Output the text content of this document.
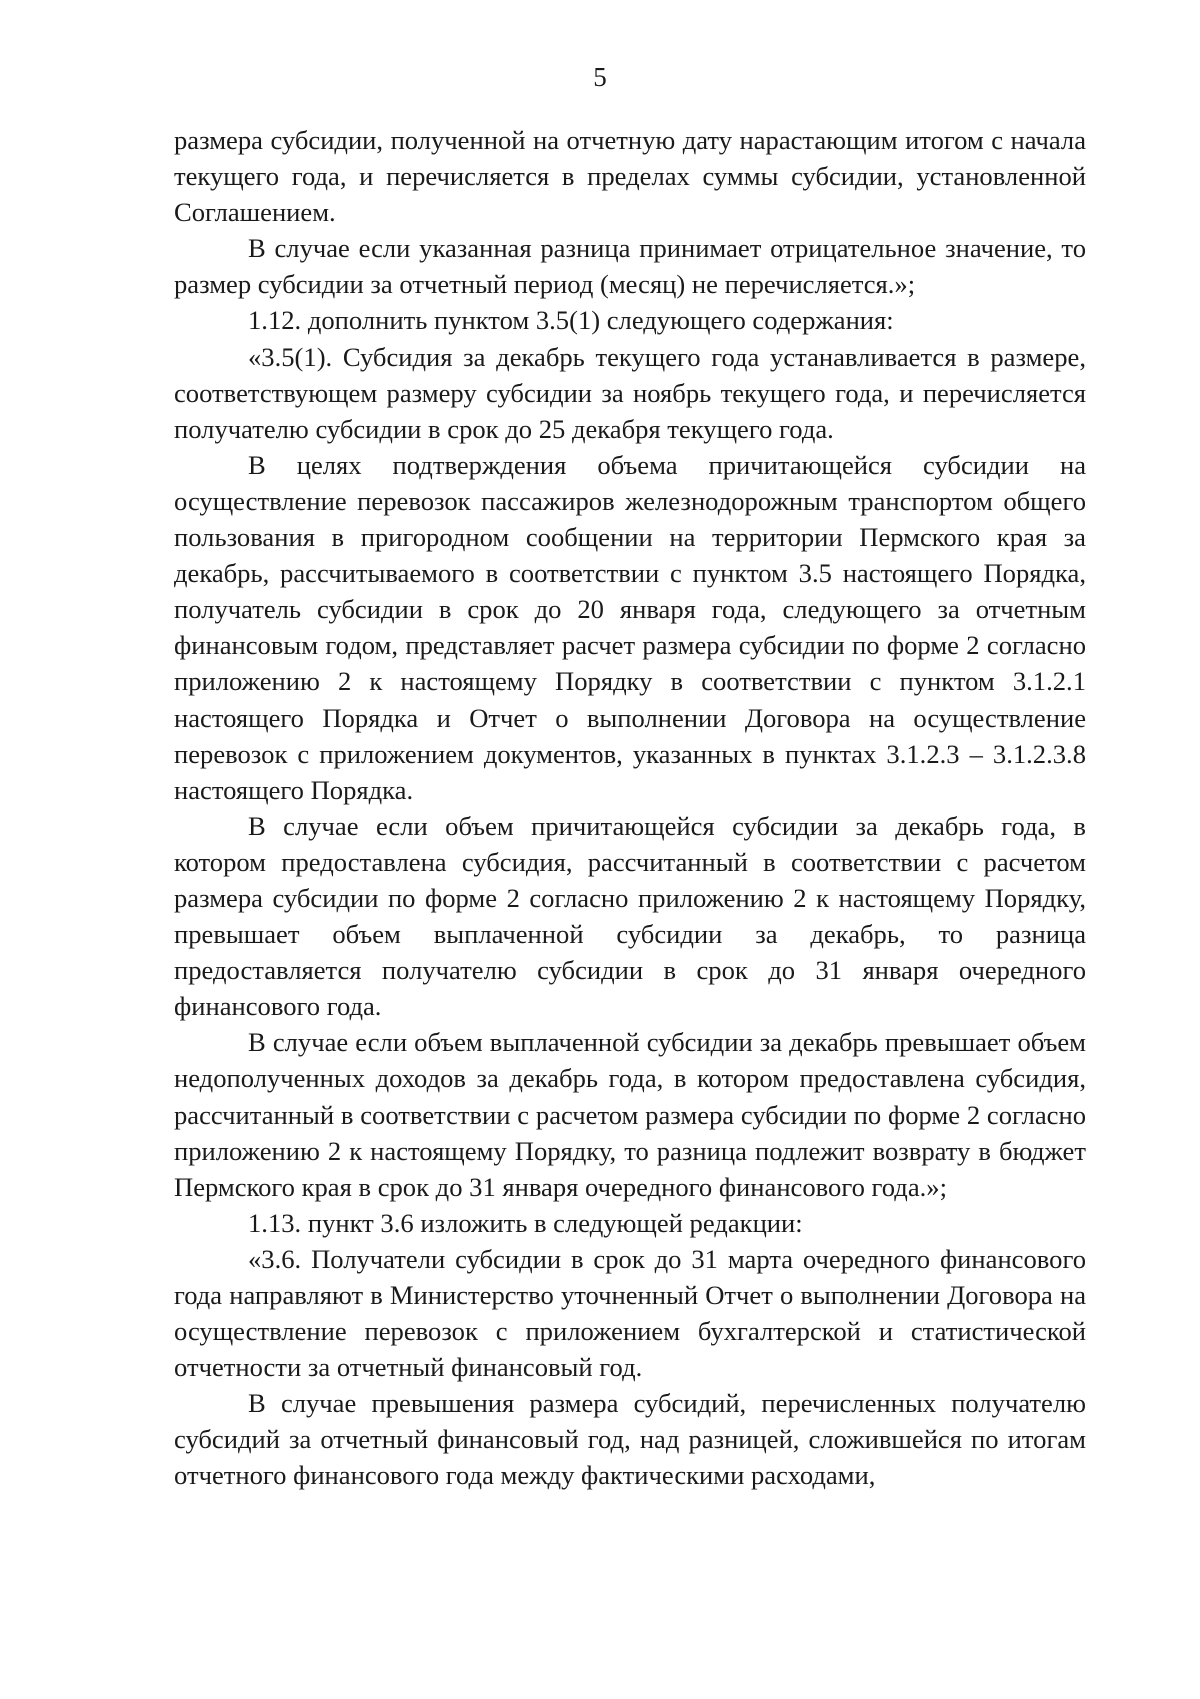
5

размера субсидии, полученной на отчетную дату нарастающим итогом с начала текущего года, и перечисляется в пределах суммы субсидии, установленной Соглашением.

В случае если указанная разница принимает отрицательное значение, то размер субсидии за отчетный период (месяц) не перечисляется.»;

1.12. дополнить пунктом 3.5(1) следующего содержания:

«3.5(1). Субсидия за декабрь текущего года устанавливается в размере, соответствующем размеру субсидии за ноябрь текущего года, и перечисляется получателю субсидии в срок до 25 декабря текущего года.

В целях подтверждения объема причитающейся субсидии на осуществление перевозок пассажиров железнодорожным транспортом общего пользования в пригородном сообщении на территории Пермского края за декабрь, рассчитываемого в соответствии с пунктом 3.5 настоящего Порядка, получатель субсидии в срок до 20 января года, следующего за отчетным финансовым годом, представляет расчет размера субсидии по форме 2 согласно приложению 2 к настоящему Порядку в соответствии с пунктом 3.1.2.1 настоящего Порядка и Отчет о выполнении Договора на осуществление перевозок с приложением документов, указанных в пунктах 3.1.2.3 – 3.1.2.3.8 настоящего Порядка.

В случае если объем причитающейся субсидии за декабрь года, в котором предоставлена субсидия, рассчитанный в соответствии с расчетом размера субсидии по форме 2 согласно приложению 2 к настоящему Порядку, превышает объем выплаченной субсидии за декабрь, то разница предоставляется получателю субсидии в срок до 31 января очередного финансового года.

В случае если объем выплаченной субсидии за декабрь превышает объем недополученных доходов за декабрь года, в котором предоставлена субсидия, рассчитанный в соответствии с расчетом размера субсидии по форме 2 согласно приложению 2 к настоящему Порядку, то разница подлежит возврату в бюджет Пермского края в срок до 31 января очередного финансового года.»;

1.13. пункт 3.6 изложить в следующей редакции:

«3.6. Получатели субсидии в срок до 31 марта очередного финансового года направляют в Министерство уточненный Отчет о выполнении Договора на осуществление перевозок с приложением бухгалтерской и статистической отчетности за отчетный финансовый год.

В случае превышения размера субсидий, перечисленных получателю субсидий за отчетный финансовый год, над разницей, сложившейся по итогам отчетного финансового года между фактическими расходами,
